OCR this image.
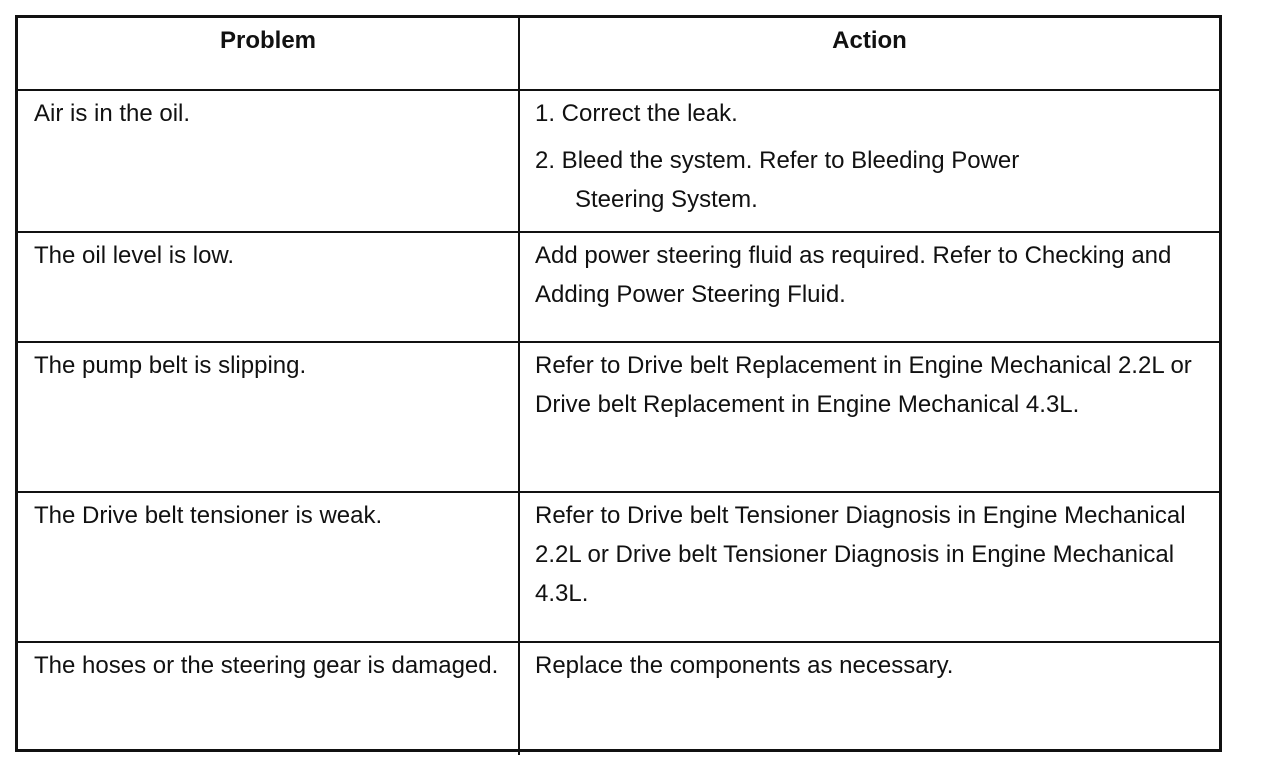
Problem	Action
Air is in the oil.	1. Correct the leak.
2. Bleed the system. Refer to Bleeding Power
Steering System.

The oil level is low.	Add power steering fluid as required. Refer to Checking and Adding Power Steering Fluid.
The pump belt is slipping.	Refer to Drive belt Replacement in Engine Mechanical 2.2L or Drive belt Replacement in Engine Mechanical 4.3L.
The Drive belt tensioner is weak.	Refer to Drive belt Tensioner Diagnosis in Engine Mechanical 2.2L or Drive belt Tensioner Diagnosis in Engine Mechanical 4.3L.
The hoses or the steering gear is damaged.	Replace the components as necessary.
